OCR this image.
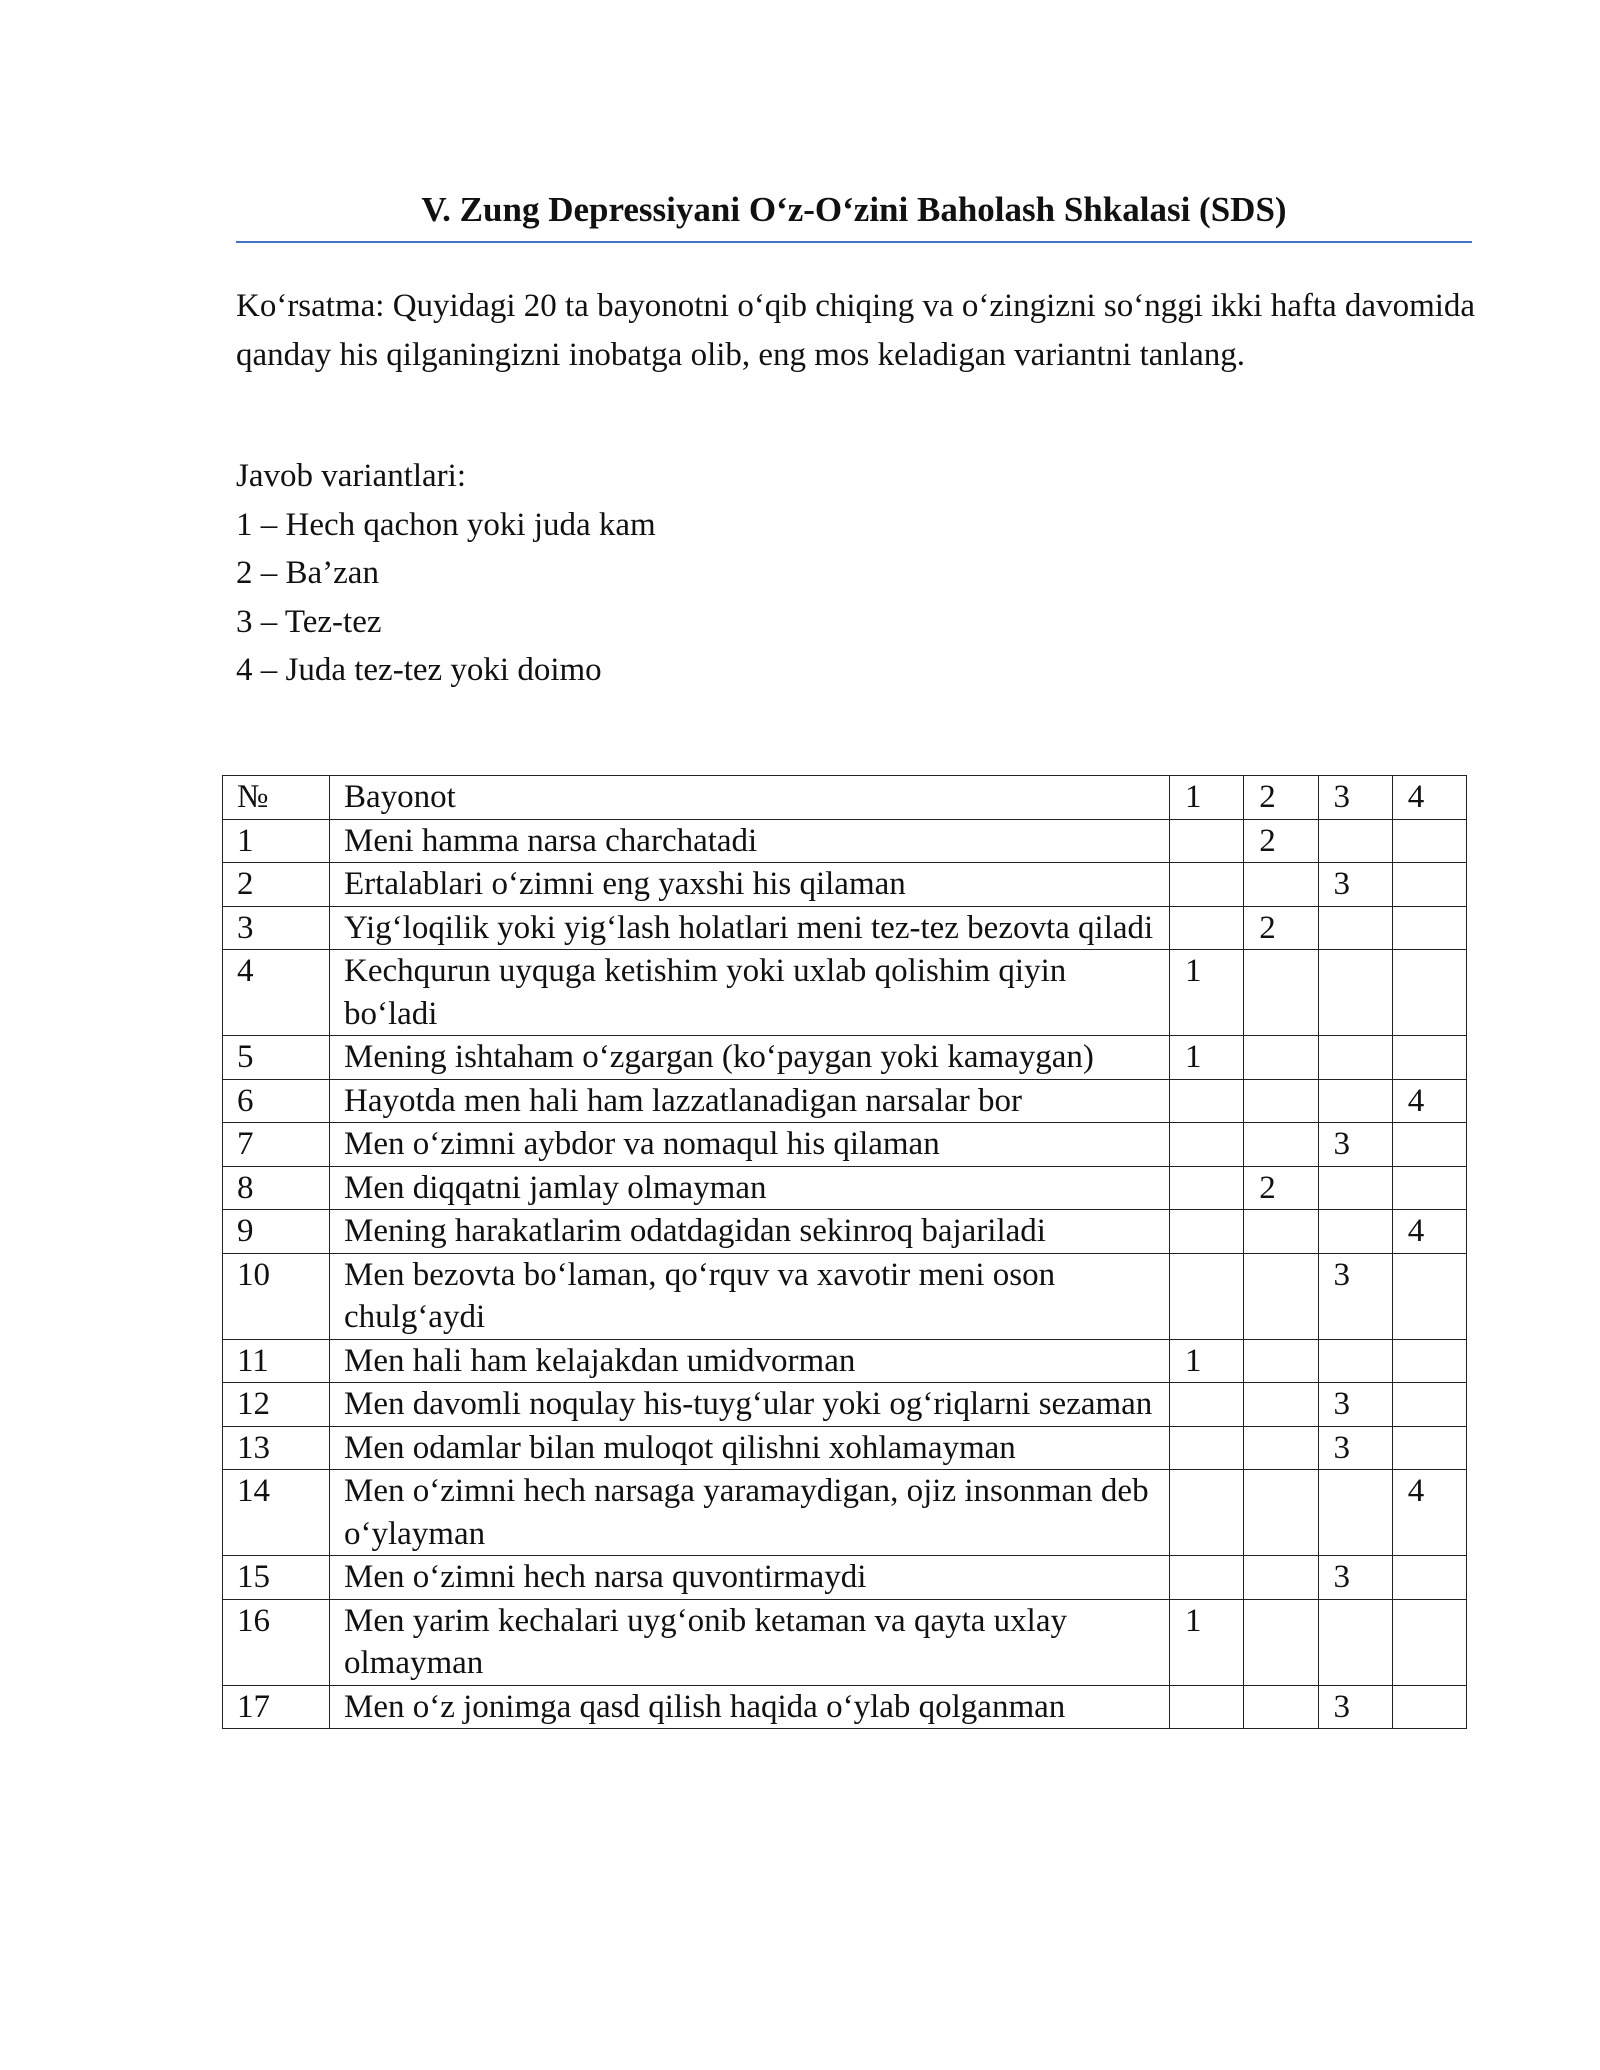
V. Zung Depressiyani O‘z-O‘zini Baholash Shkalasi (SDS)

Ko‘rsatma: Quyidagi 20 ta bayonotni o‘qib chiqing va o‘zingizni so‘nggi ikki hafta davomida qanday his qilganingizni inobatga olib, eng mos keladigan variantni tanlang.

Javob variantlari:

1 – Hech qachon yoki juda kam
2 – Ba’zan
3 – Tez-tez
4 – Juda tez-tez yoki doimo
№	Bayonot	1	2	3	4
1	Meni hamma narsa charchatadi		2		
2	Ertalablari o‘zimni eng yaxshi his qilaman			3	
3	Yig‘loqilik yoki yig‘lash holatlari meni tez-tez bezovta qiladi		2		
4	Kechqurun uyquga ketishim yoki uxlab qolishim qiyin bo‘ladi	1			
5	Mening ishtaham o‘zgargan (ko‘paygan yoki kamaygan)	1			
6	Hayotda men hali ham lazzatlanadigan narsalar bor				4
7	Men o‘zimni aybdor va nomaqul his qilaman			3	
8	Men diqqatni jamlay olmayman		2		
9	Mening harakatlarim odatdagidan sekinroq bajariladi				4
10	Men bezovta bo‘laman, qo‘rquv va xavotir meni oson chulg‘aydi			3	
11	Men hali ham kelajakdan umidvorman	1			
12	Men davomli noqulay his-tuyg‘ular yoki og‘riqlarni sezaman			3	
13	Men odamlar bilan muloqot qilishni xohlamayman			3	
14	Men o‘zimni hech narsaga yaramaydigan, ojiz insonman deb o‘ylayman				4
15	Men o‘zimni hech narsa quvontirmaydi			3	
16	Men yarim kechalari uyg‘onib ketaman va qayta uxlay olmayman	1			
17	Men o‘z jonimga qasd qilish haqida o‘ylab qolganman			3	
